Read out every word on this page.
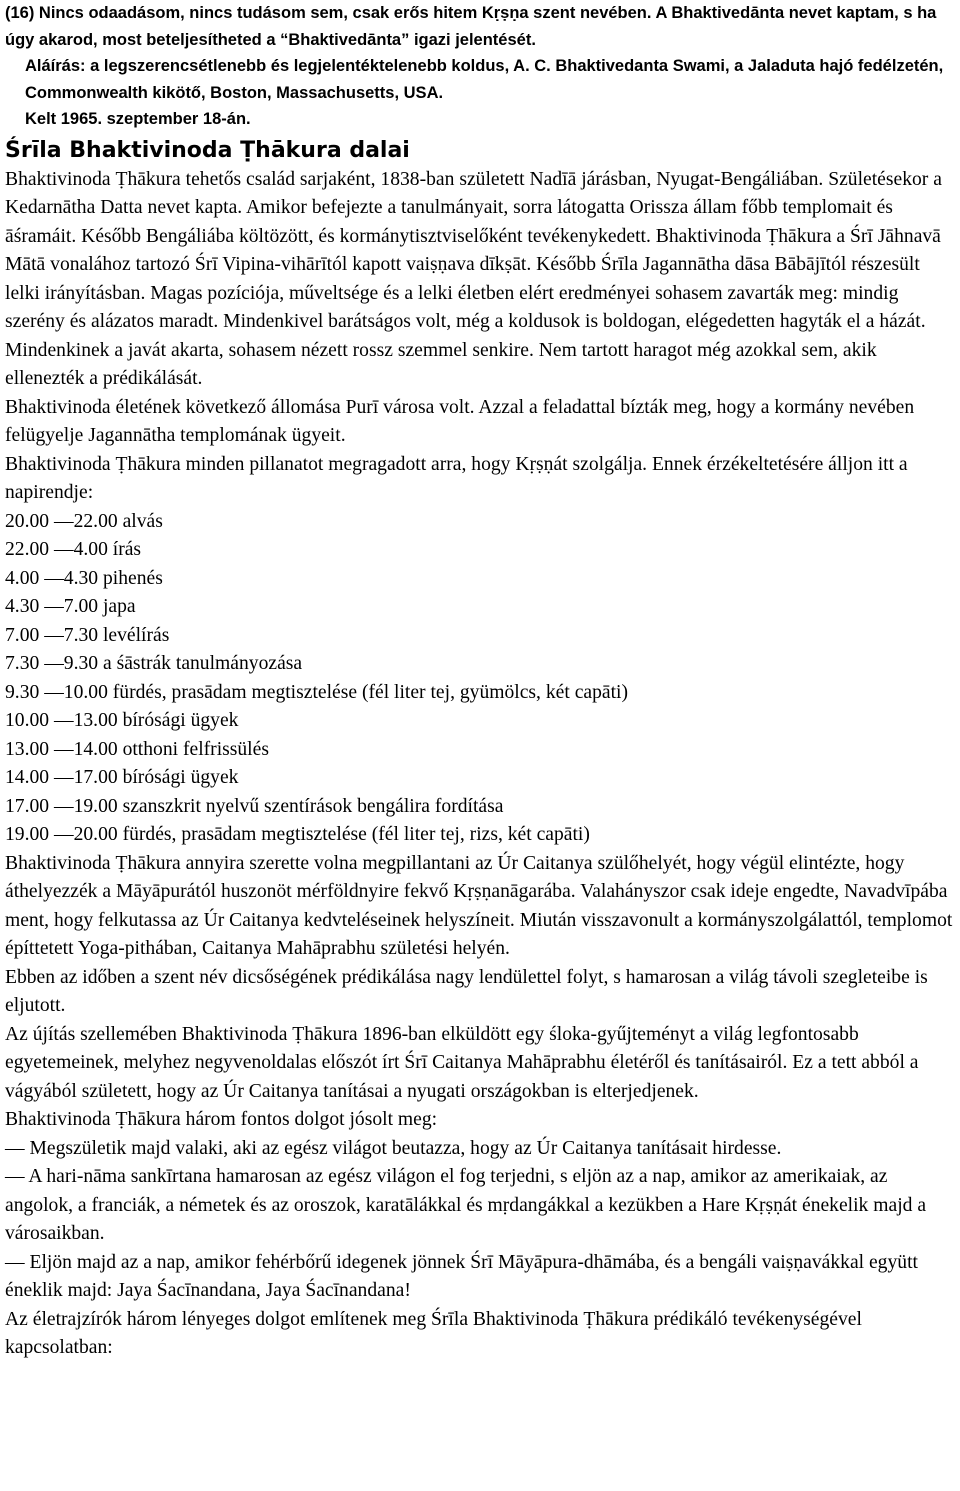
(16) Nincs odaadásom, nincs tudásom sem, csak erős hitem Kṛṣṇa szent nevében. A Bhaktivedānta nevet kaptam, s ha úgy akarod, most beteljesítheted a “Bhaktivedānta” igazi jelentését.

Aláírás: a legszerencsétlenebb és legjelentéktelenebb koldus, A. C. Bhaktivedanta Swami, a Jaladuta hajó fedélzetén, Commonwealth kikötő, Boston, Massachusetts, USA.

Kelt 1965. szeptember 18-án.

Śrīla Bhaktivinoda Ṭhākura dalai

Bhaktivinoda Ṭhākura tehetős család sarjaként, 1838-ban született Nadīā járásban, Nyugat-Bengáliában. Születésekor a Kedarnātha Datta nevet kapta. Amikor befejezte a tanulmányait, sorra látogatta Orissza állam főbb templomait és āśramáit. Később Bengáliába költözött, és kormánytisztviselőként tevékenykedett. Bhaktivinoda Ṭhākura a Śrī Jāhnavā Mātā vonalához tartozó Śrī Vipina-vihārītól kapott vaiṣṇava dīkṣāt. Később Śrīla Jagannātha dāsa Bābājītól részesült lelki irányításban. Magas pozíciója, műveltsége és a lelki életben elért eredményei sohasem zavarták meg: mindig szerény és alázatos maradt. Mindenkivel barátságos volt, még a koldusok is boldogan, elégedetten hagyták el a házát. Mindenkinek a javát akarta, sohasem nézett rossz szemmel senkire. Nem tartott haragot még azokkal sem, akik ellenezték a prédikálását.

Bhaktivinoda életének következő állomása Purī városa volt. Azzal a feladattal bízták meg, hogy a kormány nevében felügyelje Jagannātha templomának ügyeit.

Bhaktivinoda Ṭhākura minden pillanatot megragadott arra, hogy Kṛṣṇát szolgálja. Ennek érzékeltetésére álljon itt a napirendje:

20.00 —22.00 alvás
22.00 —4.00 írás
4.00 —4.30 pihenés
4.30 —7.00 japa
7.00 —7.30 levélírás
7.30 —9.30 a śāstrák tanulmányozása
9.30 —10.00 fürdés, prasādam megtisztelése (fél liter tej, gyümölcs, két capāti)
10.00 —13.00 bírósági ügyek
13.00 —14.00 otthoni felfrissülés
14.00 —17.00 bírósági ügyek
17.00 —19.00 szanszkrit nyelvű szentírások bengálira fordítása
19.00 —20.00 fürdés, prasādam megtisztelése (fél liter tej, rizs, két capāti)

Bhaktivinoda Ṭhākura annyira szerette volna megpillantani az Úr Caitanya szülőhelyét, hogy végül elintézte, hogy áthelyezzék a Māyāpurától huszonöt mérföldnyire fekvő Kṛṣṇanāgarába. Valahányszor csak ideje engedte, Navadvīpába ment, hogy felkutassa az Úr Caitanya kedvteléseinek helyszíneit. Miután visszavonult a kormányszolgálattól, templomot építtetett Yoga-pithában, Caitanya Mahāprabhu születési helyén.

Ebben az időben a szent név dicsőségének prédikálása nagy lendülettel folyt, s hamarosan a világ távoli szegleteibe is eljutott.

Az újítás szellemében Bhaktivinoda Ṭhākura 1896-ban elküldött egy śloka-gyűjteményt a világ legfontosabb egyetemeinek, melyhez negyvenoldalas előszót írt Śrī Caitanya Mahāprabhu életéről és tanításairól. Ez a tett abból a vágyából született, hogy az Úr Caitanya tanításai a nyugati országokban is elterjedjenek.

Bhaktivinoda Ṭhākura három fontos dolgot jósolt meg:

— Megszületik majd valaki, aki az egész világot beutazza, hogy az Úr Caitanya tanításait hirdesse.

— A hari-nāma sankīrtana hamarosan az egész világon el fog terjedni, s eljön az a nap, amikor az amerikaiak, az angolok, a franciák, a németek és az oroszok, karatālákkal és mṛdangákkal a kezükben a Hare Kṛṣṇát énekelik majd a városaikban.

— Eljön majd az a nap, amikor fehérbőrű idegenek jönnek Śrī Māyāpura-dhāmába, és a bengáli vaiṣṇavákkal együtt éneklik majd: Jaya Śacīnandana, Jaya Śacīnandana!

Az életrajzírók három lényeges dolgot említenek meg Śrīla Bhaktivinoda Ṭhākura prédikáló tevékenységével kapcsolatban:
